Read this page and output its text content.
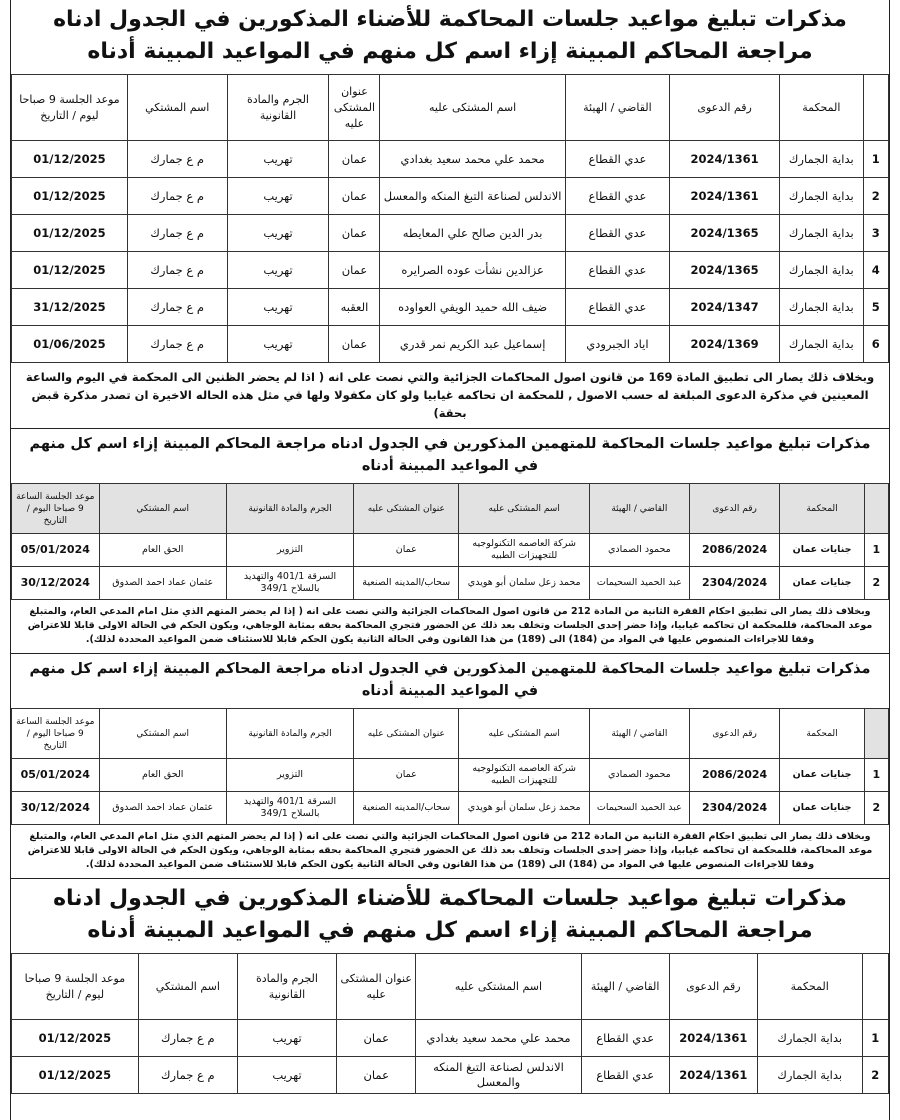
مذكرات تبليغ مواعيد جلسات المحاكمة للأضناء المذكورين في الجدول ادناه مراجعة المحاكم المبينة إزاء اسم كل منهم في المواعيد المبينة أدناه
	المحكمة	رقم الدعوى	القاضي / الهيئة	اسم المشتكى عليه	عنوان المشتكى عليه	الجرم والمادة القانونية	اسم المشتكي	موعد الجلسة 9 صباحا ليوم / التاريخ
1	بداية الجمارك	2024/1361	عدي القطاع	محمد علي محمد سعيد بغدادي	عمان	تهريب	م ع جمارك	01/12/2025
2	بداية الجمارك	2024/1361	عدي القطاع	الاندلس لصناعة التبغ المنكه والمعسل	عمان	تهريب	م ع جمارك	01/12/2025
3	بداية الجمارك	2024/1365	عدي القطاع	بدر الدين صالح علي المعايطه	عمان	تهريب	م ع جمارك	01/12/2025
4	بداية الجمارك	2024/1365	عدي القطاع	عزالدين نشأت عوده الصرايره	عمان	تهريب	م ع جمارك	01/12/2025
5	بداية الجمارك	2024/1347	عدي القطاع	ضيف الله حميد الويفي العواوده	العقبه	تهريب	م ع جمارك	31/12/2025
6	بداية الجمارك	2024/1369	اياد الجبرودي	إسماعيل عبد الكريم نمر قدري	عمان	تهريب	م ع جمارك	01/06/2025
وبخلاف ذلك يصار الى تطبيق المادة 169 من قانون اصول المحاكمات الجزائية والتي نصت على انه ( اذا لم يحضر الظنين الى المحكمة في اليوم والساعة المعينين في مذكرة الدعوى المبلغة له حسب الاصول , للمحكمة ان تحاكمه غيابيا ولو كان مكفولا ولها في مثل هذه الحاله الاخيرة ان تصدر مذكرة قبض بحقة)
مذكرات تبليغ مواعيد جلسات المحاكمة للمتهمين المذكورين في الجدول ادناه مراجعة المحاكم المبينة إزاء اسم كل منهم في المواعيد المبينة أدناه
	المحكمة	رقم الدعوى	القاضي / الهيئة	اسم المشتكى عليه	عنوان المشتكى عليه	الجرم والمادة القانونية	اسم المشتكي	موعد الجلسة الساعة 9 صباحا اليوم / التاريخ
1	جنايات عمان	2086/2024	محمود الصمادي	شركة العاصمه التكنولوجيه للتجهيزات الطبيه	عمان	التزوير	الحق العام	05/01/2024
2	جنايات عمان	2304/2024	عبد الحميد السحيمات	محمد زعل سلمان أبو هويدي	سحاب/المدينه الصنعية	السرقة 401/1 والتهديد بالسلاح 349/1	عثمان عماد احمد الصدوق	30/12/2024
وبخلاف ذلك يصار الى تطبيق احكام الفقرة الثانية من المادة 212 من قانون اصول المحاكمات الجزائية والتي نصت على انه ( إذا لم يحضر المتهم الذي مثل امام المدعي العام، والمتبلغ موعد المحاكمة، فللمحكمة ان تحاكمه غيابيا، وإذا حضر إحدى الجلسات وتخلف بعد ذلك عن الحضور فتجري المحاكمة بحقه بمثابة الوجاهي، ويكون الحكم في الحالة الاولى قابلا للاعتراض وفقا للاجراءات المنصوص عليها في المواد من (184) الى (189) من هذا القانون وفي الحالة الثانية يكون الحكم قابلا للاستئناف ضمن المواعيد المحددة لذلك).
مذكرات تبليغ مواعيد جلسات المحاكمة للمتهمين المذكورين في الجدول ادناه مراجعة المحاكم المبينة إزاء اسم كل منهم في المواعيد المبينة أدناه
	المحكمة	رقم الدعوى	القاضي / الهيئة	اسم المشتكى عليه	عنوان المشتكى عليه	الجرم والمادة القانونية	اسم المشتكي	موعد الجلسة الساعة 9 صباحا اليوم / التاريخ
1	جنايات عمان	2086/2024	محمود الصمادي	شركة العاصمه التكنولوجيه للتجهيزات الطبيه	عمان	التزوير	الحق العام	05/01/2024
2	جنايات عمان	2304/2024	عبد الحميد السحيمات	محمد زعل سلمان أبو هويدي	سحاب/المدينه الصنعية	السرقة 401/1 والتهديد بالسلاح 349/1	عثمان عماد احمد الصدوق	30/12/2024
وبخلاف ذلك يصار الى تطبيق احكام الفقرة الثانية من المادة 212 من قانون اصول المحاكمات الجزائية والتي نصت على انه ( إذا لم يحضر المتهم الذي مثل امام المدعي العام، والمتبلغ موعد المحاكمة، فللمحكمة ان تحاكمه غيابيا، وإذا حضر إحدى الجلسات وتخلف بعد ذلك عن الحضور فتجري المحاكمة بحقه بمثابة الوجاهي، ويكون الحكم في الحالة الاولى قابلا للاعتراض وفقا للاجراءات المنصوص عليها في المواد من (184) الى (189) من هذا القانون وفي الحالة الثانية يكون الحكم قابلا للاستئناف ضمن المواعيد المحددة لذلك).
مذكرات تبليغ مواعيد جلسات المحاكمة للأضناء المذكورين في الجدول ادناه مراجعة المحاكم المبينة إزاء اسم كل منهم في المواعيد المبينة أدناه
	المحكمة	رقم الدعوى	القاضي / الهيئة	اسم المشتكى عليه	عنوان المشتكى عليه	الجرم والمادة القانونية	اسم المشتكي	موعد الجلسة 9 صباحا ليوم / التاريخ
1	بداية الجمارك	2024/1361	عدي القطاع	محمد علي محمد سعيد بغدادي	عمان	تهريب	م ع جمارك	01/12/2025
2	بداية الجمارك	2024/1361	عدي القطاع	الاندلس لصناعة التبغ المنكه والمعسل	عمان	تهريب	م ع جمارك	01/12/2025
